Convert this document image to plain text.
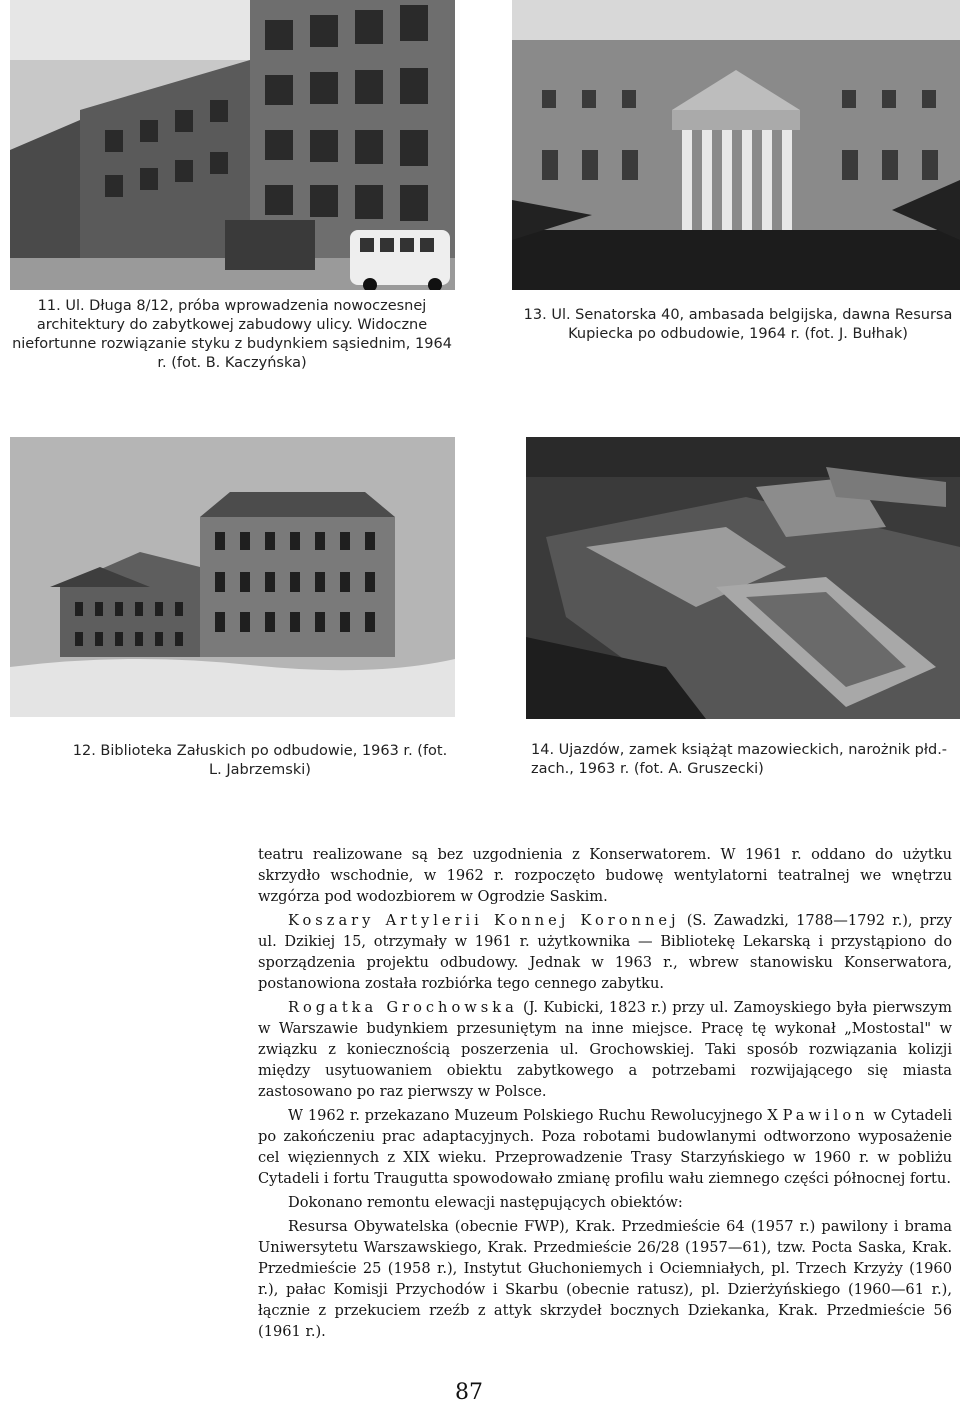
11. Ul. Długa 8/12, próba wprowadzenia nowoczesnej architektury do zabytkowej zabudowy ulicy. Widoczne niefortunne rozwiązanie styku z budynkiem sąsiednim, 1964 r. (fot. B. Kaczyńska)
13. Ul. Senatorska 40, ambasada belgijska, dawna Resursa Kupiecka po odbudowie, 1964 r. (fot. J. Bułhak)
12. Biblioteka Załuskich po odbudowie, 1963 r. (fot. L. Jabrzemski)
14. Ujazdów, zamek książąt mazowieckich, narożnik płd.-zach., 1963 r. (fot. A. Gruszecki)

teatru realizowane są bez uzgodnienia z Konserwatorem. W 1961 r. oddano do użytku skrzydło wschodnie, w 1962 r. rozpoczęto budowę wentylatorni teatralnej we wnętrzu wzgórza pod wodozbiorem w Ogrodzie Saskim.

Koszary Artylerii Konnej Koronnej (S. Zawadzki, 1788—1792 r.), przy ul. Dzikiej 15, otrzymały w 1961 r. użytkownika — Bibliotekę Lekarską i przystąpiono do sporządzenia projektu odbudowy. Jednak w 1963 r., wbrew stanowisku Konserwatora, postanowiona została rozbiórka tego cennego zabytku.

Rogatka Grochowska (J. Kubicki, 1823 r.) przy ul. Zamoyskiego była pierwszym w Warszawie budynkiem przesuniętym na inne miejsce. Pracę tę wykonał „Mostostal" w związku z koniecznością poszerzenia ul. Grochowskiej. Taki sposób rozwiązania kolizji między usytuowaniem obiektu zabytkowego a potrzebami rozwijającego się miasta zastosowano po raz pierwszy w Polsce.

W 1962 r. przekazano Muzeum Polskiego Ruchu Rewolucyjnego X Pawilon w Cytadeli po zakończeniu prac adaptacyjnych. Poza robotami budowlanymi odtworzono wyposażenie cel więziennych z XIX wieku. Przeprowadzenie Trasy Starzyńskiego w 1960 r. w pobliżu Cytadeli i fortu Traugutta spowodowało zmianę profilu wału ziemnego części północnej fortu.

Dokonano remontu elewacji następujących obiektów:

Resursa Obywatelska (obecnie FWP), Krak. Przedmieście 64 (1957 r.) pawilony i brama Uniwersytetu Warszawskiego, Krak. Przedmieście 26/28 (1957—61), tzw. Pocta Saska, Krak. Przedmieście 25 (1958 r.), Instytut Głuchoniemych i Ociemniałych, pl. Trzech Krzyży (1960 r.), pałac Komisji Przychodów i Skarbu (obecnie ratusz), pl. Dzierżyńskiego (1960—61 r.), łącznie z przekuciem rzeźb z attyk skrzydeł bocznych Dziekanka, Krak. Przedmieście 56 (1961 r.).

87
